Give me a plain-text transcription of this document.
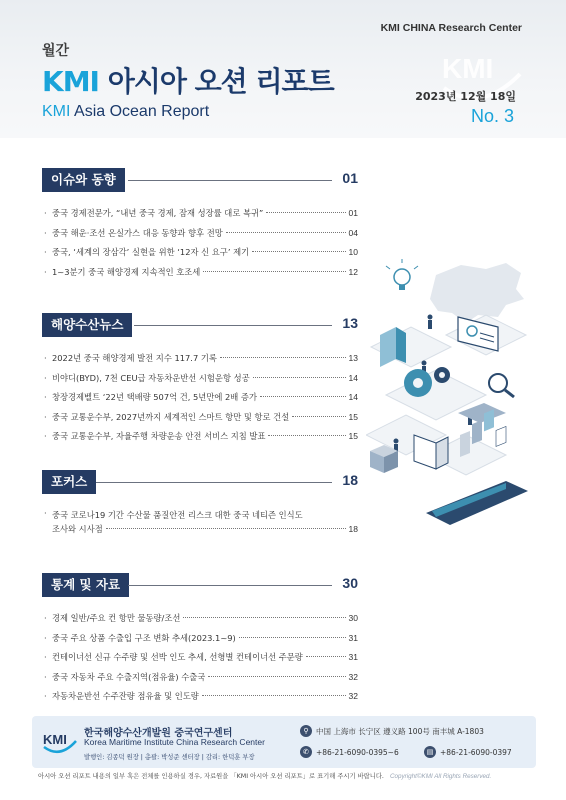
KMI
KMI CHINA Research Center
월간
KMI 아시아 오션 리포트
KMI Asia Ocean Report
2023년 12월 18일
No. 3
이슈와 동향	01
· 중국 경제전문가, “내년 중국 경제, 잠재 성장률 대로 복귀”	01
· 중국 해운·조선 온실가스 대응 동향과 향후 전망	04
· 중국, ‘세계의 장삼각’ 실현을 위한 ‘12자 신 요구’ 제기	10
· 1~3분기 중국 해양경제 지속적인 호조세	12
해양수산뉴스	13
· 2022년 중국 해양경제 발전 지수 117.7 기록	13
· 비야디(BYD), 7천 CEU급 자동차운반선 시험운항 성공	14
· 창장경제벨트 ‘22년 택배량 507억 건, 5년만에 2배 증가	14
· 중국 교통운수부, 2027년까지 세계적인 스마트 항만 및 항로 건설	15
· 중국 교통운수부, 자율주행 차량운송 안전 서비스 지침 발표	15
포커스	18
· 중국 코로나19 기간 수산물 품질안전 리스크 대한 중국 네티즌 인식도
조사와 시사점	18
통계 및 자료	30
· 경제 일반/주요 컨 항만 물동량/조선	30
· 중국 주요 상품 수출입 구조 변화 추세(2023.1~9)	31
· 컨테이너선 신규 수주량 및 선박 인도 추세, 선형별 컨테이너선 주문량	31
· 중국 자동차 주요 수출지역(점유율) 수출국	32
· 자동차운반선 수주잔량 점유율 및 인도량	32
KMI 한국해양수산개발원 중국연구센터
Korea Maritime Institute China Research Center
발행인: 김종덕 원장 | 총괄: 박성준 센터장 | 감리: 한덕훈 부장
⚲ 中国 上海市 长宁区 遵义路 100号 南丰城 A-1803
✆ +86-21-6090-0395~6	▤ +86-21-6090-0397
아시아 오션 리포트 내용의 일부 혹은 전체를 인용하실 경우, 자료원을 「KMI 아시아 오션 리포트」로 표기해 주시기 바랍니다. Copyright©KMI All Rights Reserved.
